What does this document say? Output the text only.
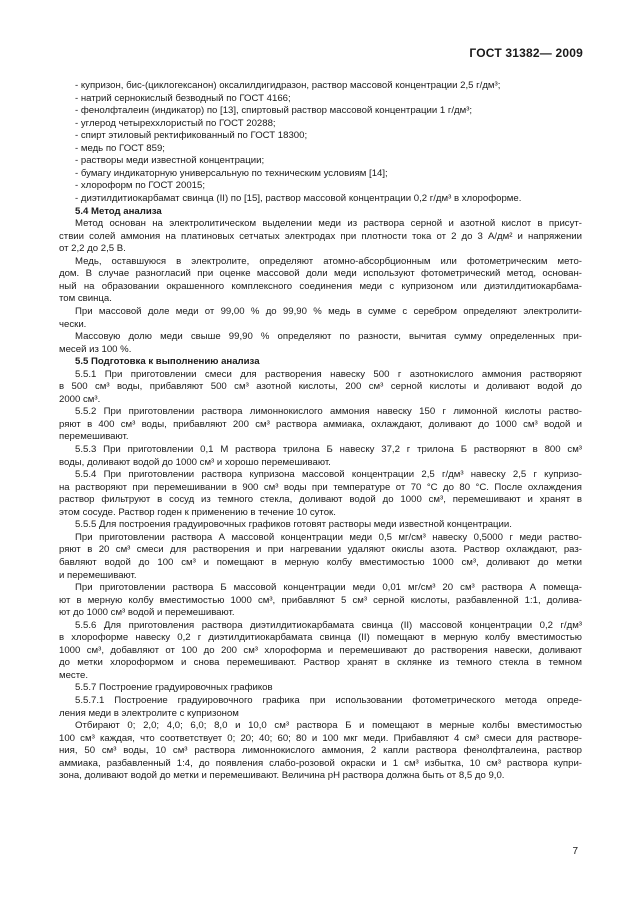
ГОСТ 31382— 2009
- купризон, бис-(циклогексанон) оксалилдигидразон, раствор массовой концентрации 2,5 г/дм³;
- натрий сернокислый безводный по ГОСТ 4166;
- фенолфталеин (индикатор) по [13], спиртовый раствор массовой концентрации 1 г/дм³;
- углерод четыреххлористый по ГОСТ 20288;
- спирт этиловый ректификованный по ГОСТ 18300;
- медь по ГОСТ 859;
- растворы меди известной концентрации;
- бумагу индикаторную универсальную по техническим условиям [14];
- хлороформ по ГОСТ 20015;
- диэтилдитиокарбамат свинца (II) по [15], раствор массовой концентрации 0,2 г/дм³ в хлороформе.
5.4 Метод анализа
Метод основан на электролитическом выделении меди из раствора серной и азотной кислот в присут-
ствии солей аммония на платиновых сетчатых электродах при плотности тока от 2 до 3 А/дм² и напряжении
от 2,2 до 2,5 В.
Медь, оставшуюся в электролите, определяют атомно-абсорбционным или фотометрическим мето-
дом. В случае разногласий при оценке массовой доли меди используют фотометрический метод, основан-
ный на образовании окрашенного комплексного соединения меди с купризоном или диэтилдитиокарбама-
том свинца.
При массовой доле меди от 99,00 % до 99,90 % медь в сумме с серебром определяют электролити-
чески.
Массовую долю меди свыше 99,90 % определяют по разности, вычитая сумму определенных при-
месей из 100 %.
5.5 Подготовка к выполнению анализа
5.5.1 При приготовлении смеси для растворения навеску 500 г азотнокислого аммония растворяют
в 500 см³ воды, прибавляют 500 см³ азотной кислоты, 200 см³ серной кислоты и доливают водой до
2000 см³.
5.5.2 При приготовлении раствора лимоннокислого аммония навеску 150 г лимонной кислоты раство-
ряют в 400 см³ воды, прибавляют 200 см³ раствора аммиака, охлаждают, доливают до 1000 см³ водой и
перемешивают.
5.5.3 При приготовлении 0,1 М раствора трилона Б навеску 37,2 г трилона Б растворяют в 800 см³
воды, доливают водой до 1000 см³ и хорошо перемешивают.
5.5.4 При приготовлении раствора купризона массовой концентрации 2,5 г/дм³ навеску 2,5 г купризо-
на растворяют при перемешивании в 900 см³ воды при температуре от 70 °С до 80 °С. После охлаждения
раствор фильтруют в сосуд из темного стекла, доливают водой до 1000 см³, перемешивают и хранят в
этом сосуде. Раствор годен к применению в течение 10 суток.
5.5.5 Для построения градуировочных графиков готовят растворы меди известной концентрации.
При приготовлении раствора А массовой концентрации меди 0,5 мг/см³ навеску 0,5000 г меди раство-
ряют в 20 см³ смеси для растворения и при нагревании удаляют окислы азота. Раствор охлаждают, раз-
бавляют водой до 100 см³ и помещают в мерную колбу вместимостью 1000 см³, доливают до метки
и перемешивают.
При приготовлении раствора Б массовой концентрации меди 0,01 мг/см³ 20 см³ раствора А помеща-
ют в мерную колбу вместимостью 1000 см³, прибавляют 5 см³ серной кислоты, разбавленной 1:1, долива-
ют до 1000 см³ водой и перемешивают.
5.5.6 Для приготовления раствора диэтилдитиокарбамата свинца (II) массовой концентрации 0,2 г/дм³
в хлороформе навеску 0,2 г диэтилдитиокарбамата свинца (II) помещают в мерную колбу вместимостью
1000 см³, добавляют от 100 до 200 см³ хлороформа и перемешивают до растворения навески, доливают
до метки хлороформом и снова перемешивают. Раствор хранят в склянке из темного стекла в темном
месте.
5.5.7 Построение градуировочных графиков
5.5.7.1 Построение градуировочного графика при использовании фотометрического метода опреде-
ления меди в электролите с купризоном
Отбирают 0; 2,0; 4,0; 6,0; 8,0 и 10,0 см³ раствора Б и помещают в мерные колбы вместимостью
100 см³ каждая, что соответствует 0; 20; 40; 60; 80 и 100 мкг меди. Прибавляют 4 см³ смеси для растворе-
ния, 50 см³ воды, 10 см³ раствора лимоннокислого аммония, 2 капли раствора фенолфталеина, раствор
аммиака, разбавленный 1:4, до появления слабо-розовой окраски и 1 см³ избытка, 10 см³ раствора купри-
зона, доливают водой до метки и перемешивают. Величина рН раствора должна быть от 8,5 до 9,0.
7
